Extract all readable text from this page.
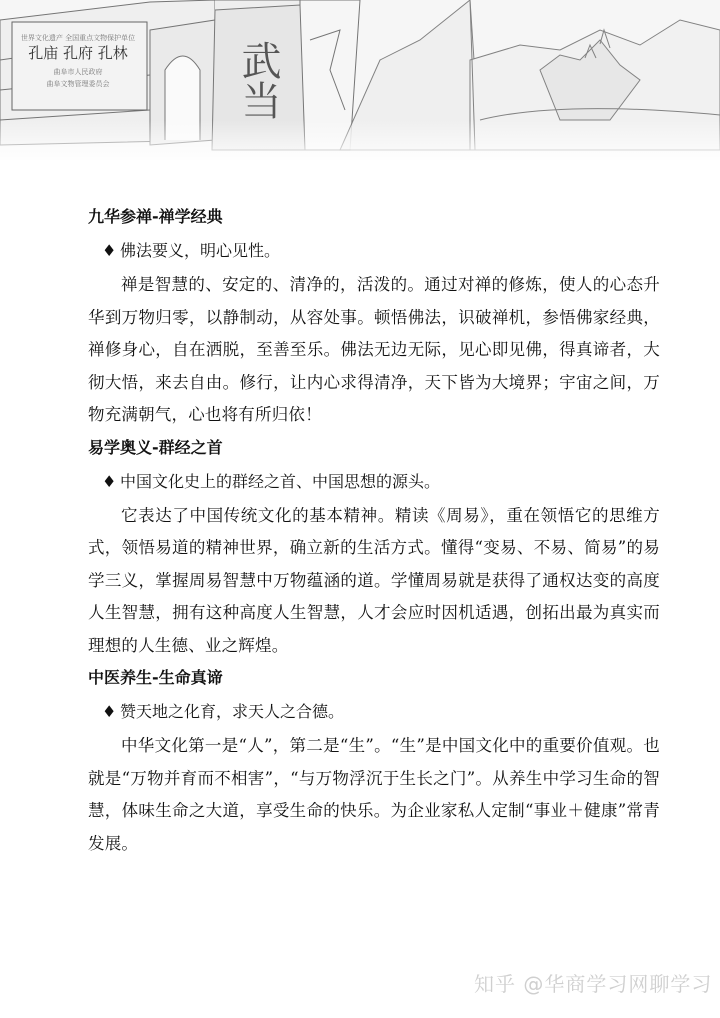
九华参禅-禅学经典
♦ 佛法要义，明心见性。

禅是智慧的、安定的、清净的，活泼的。通过对禅的修炼，使人的心态升华到万物归零，以静制动，从容处事。顿悟佛法，识破禅机，参悟佛家经典，禅修身心，自在洒脱，至善至乐。佛法无边无际，见心即见佛，得真谛者，大彻大悟，来去自由。修行，让内心求得清净，天下皆为大境界；宇宙之间，万物充满朝气，心也将有所归依！

易学奥义-群经之首
♦ 中国文化史上的群经之首、中国思想的源头。

它表达了中国传统文化的基本精神。精读《周易》，重在领悟它的思维方式，领悟易道的精神世界，确立新的生活方式。懂得“变易、不易、简易”的易学三义，掌握周易智慧中万物蕴涵的道。学懂周易就是获得了通权达变的高度人生智慧，拥有这种高度人生智慧，人才会应时因机适遇，创拓出最为真实而理想的人生德、业之辉煌。

中医养生-生命真谛
♦ 赞天地之化育，求天人之合德。

中华文化第一是“人”，第二是“生”。“生”是中国文化中的重要价值观。也就是“万物并育而不相害”，“与万物浮沉于生长之门”。从养生中学习生命的智慧，体味生命之大道，享受生命的快乐。为企业家私人定制“事业＋健康”常青发展。

知乎 @华商学习网聊学习
